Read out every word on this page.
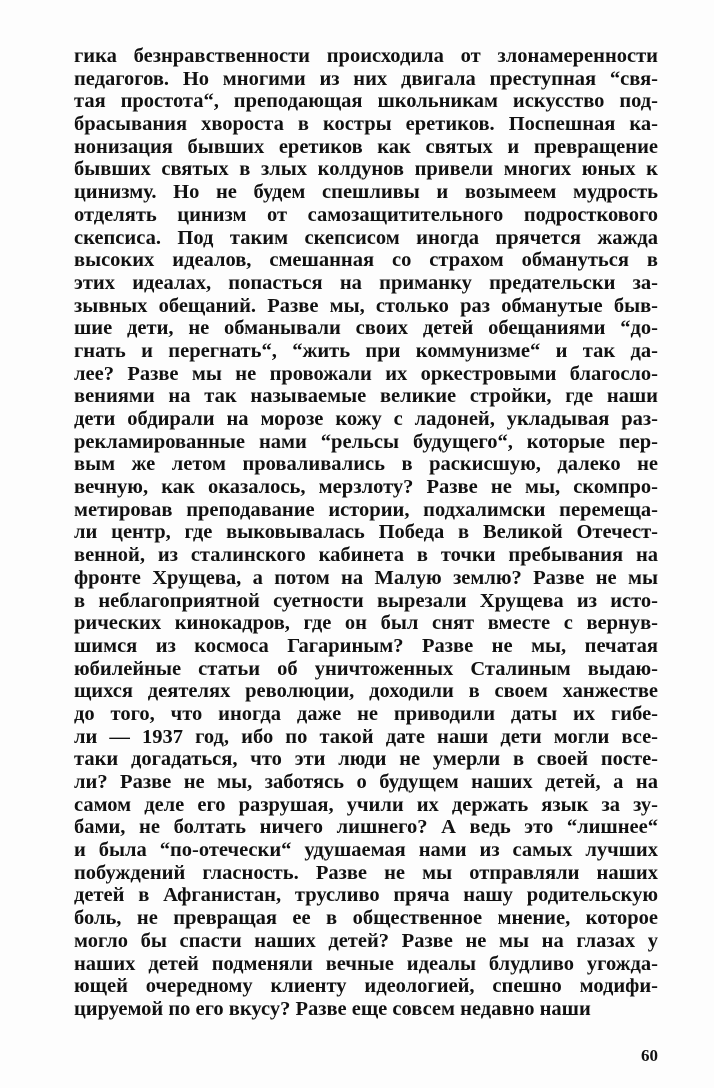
гика безнравственности происходила от злонамеренности
педагогов. Но многими из них двигала преступная “свя-
тая простота“, преподающая школьникам искусство под-
брасывания хвороста в костры еретиков. Поспешная ка-
нонизация бывших еретиков как святых и превращение
бывших святых в злых колдунов привели многих юных к
цинизму. Но не будем спешливы и возымеем мудрость
отделять цинизм от самозащитительного подросткового
скепсиса. Под таким скепсисом иногда прячется жажда
высоких идеалов, смешанная со страхом обмануться в
этих идеалах, попасться на приманку предательски за-
зывных обещаний. Разве мы, столько раз обманутые быв-
шие дети, не обманывали своих детей обещаниями “до-
гнать и перегнать“, “жить при коммунизме“ и так да-
лее? Разве мы не провожали их оркестровыми благосло-
вениями на так называемые великие стройки, где наши
дети обдирали на морозе кожу с ладоней, укладывая раз-
рекламированные нами “рельсы будущего“, которые пер-
вым же летом проваливались в раскисшую, далеко не
вечную, как оказалось, мерзлоту? Разве не мы, скомпро-
метировав преподавание истории, подхалимски перемеща-
ли центр, где выковывалась Победа в Великой Отечест-
венной, из сталинского кабинета в точки пребывания на
фронте Хрущева, а потом на Малую землю? Разве не мы
в неблагоприятной суетности вырезали Хрущева из исто-
рических кинокадров, где он был снят вместе с вернув-
шимся из космоса Гагариным? Разве не мы, печатая
юбилейные статьи об уничтоженных Сталиным выдаю-
щихся деятелях революции, доходили в своем ханжестве
до того, что иногда даже не приводили даты их гибе-
ли — 1937 год, ибо по такой дате наши дети могли все-
таки догадаться, что эти люди не умерли в своей посте-
ли? Разве не мы, заботясь о будущем наших детей, а на
самом деле его разрушая, учили их держать язык за зу-
бами, не болтать ничего лишнего? А ведь это “лишнее“
и была “по-отечески“ удушаемая нами из самых лучших
побуждений гласность. Разве не мы отправляли наших
детей в Афганистан, трусливо пряча нашу родительскую
боль, не превращая ее в общественное мнение, которое
могло бы спасти наших детей? Разве не мы на глазах у
наших детей подменяли вечные идеалы блудливо угожда-
ющей очередному клиенту идеологией, спешно модифи-
цируемой по его вкусу? Разве еще совсем недавно наши
60
